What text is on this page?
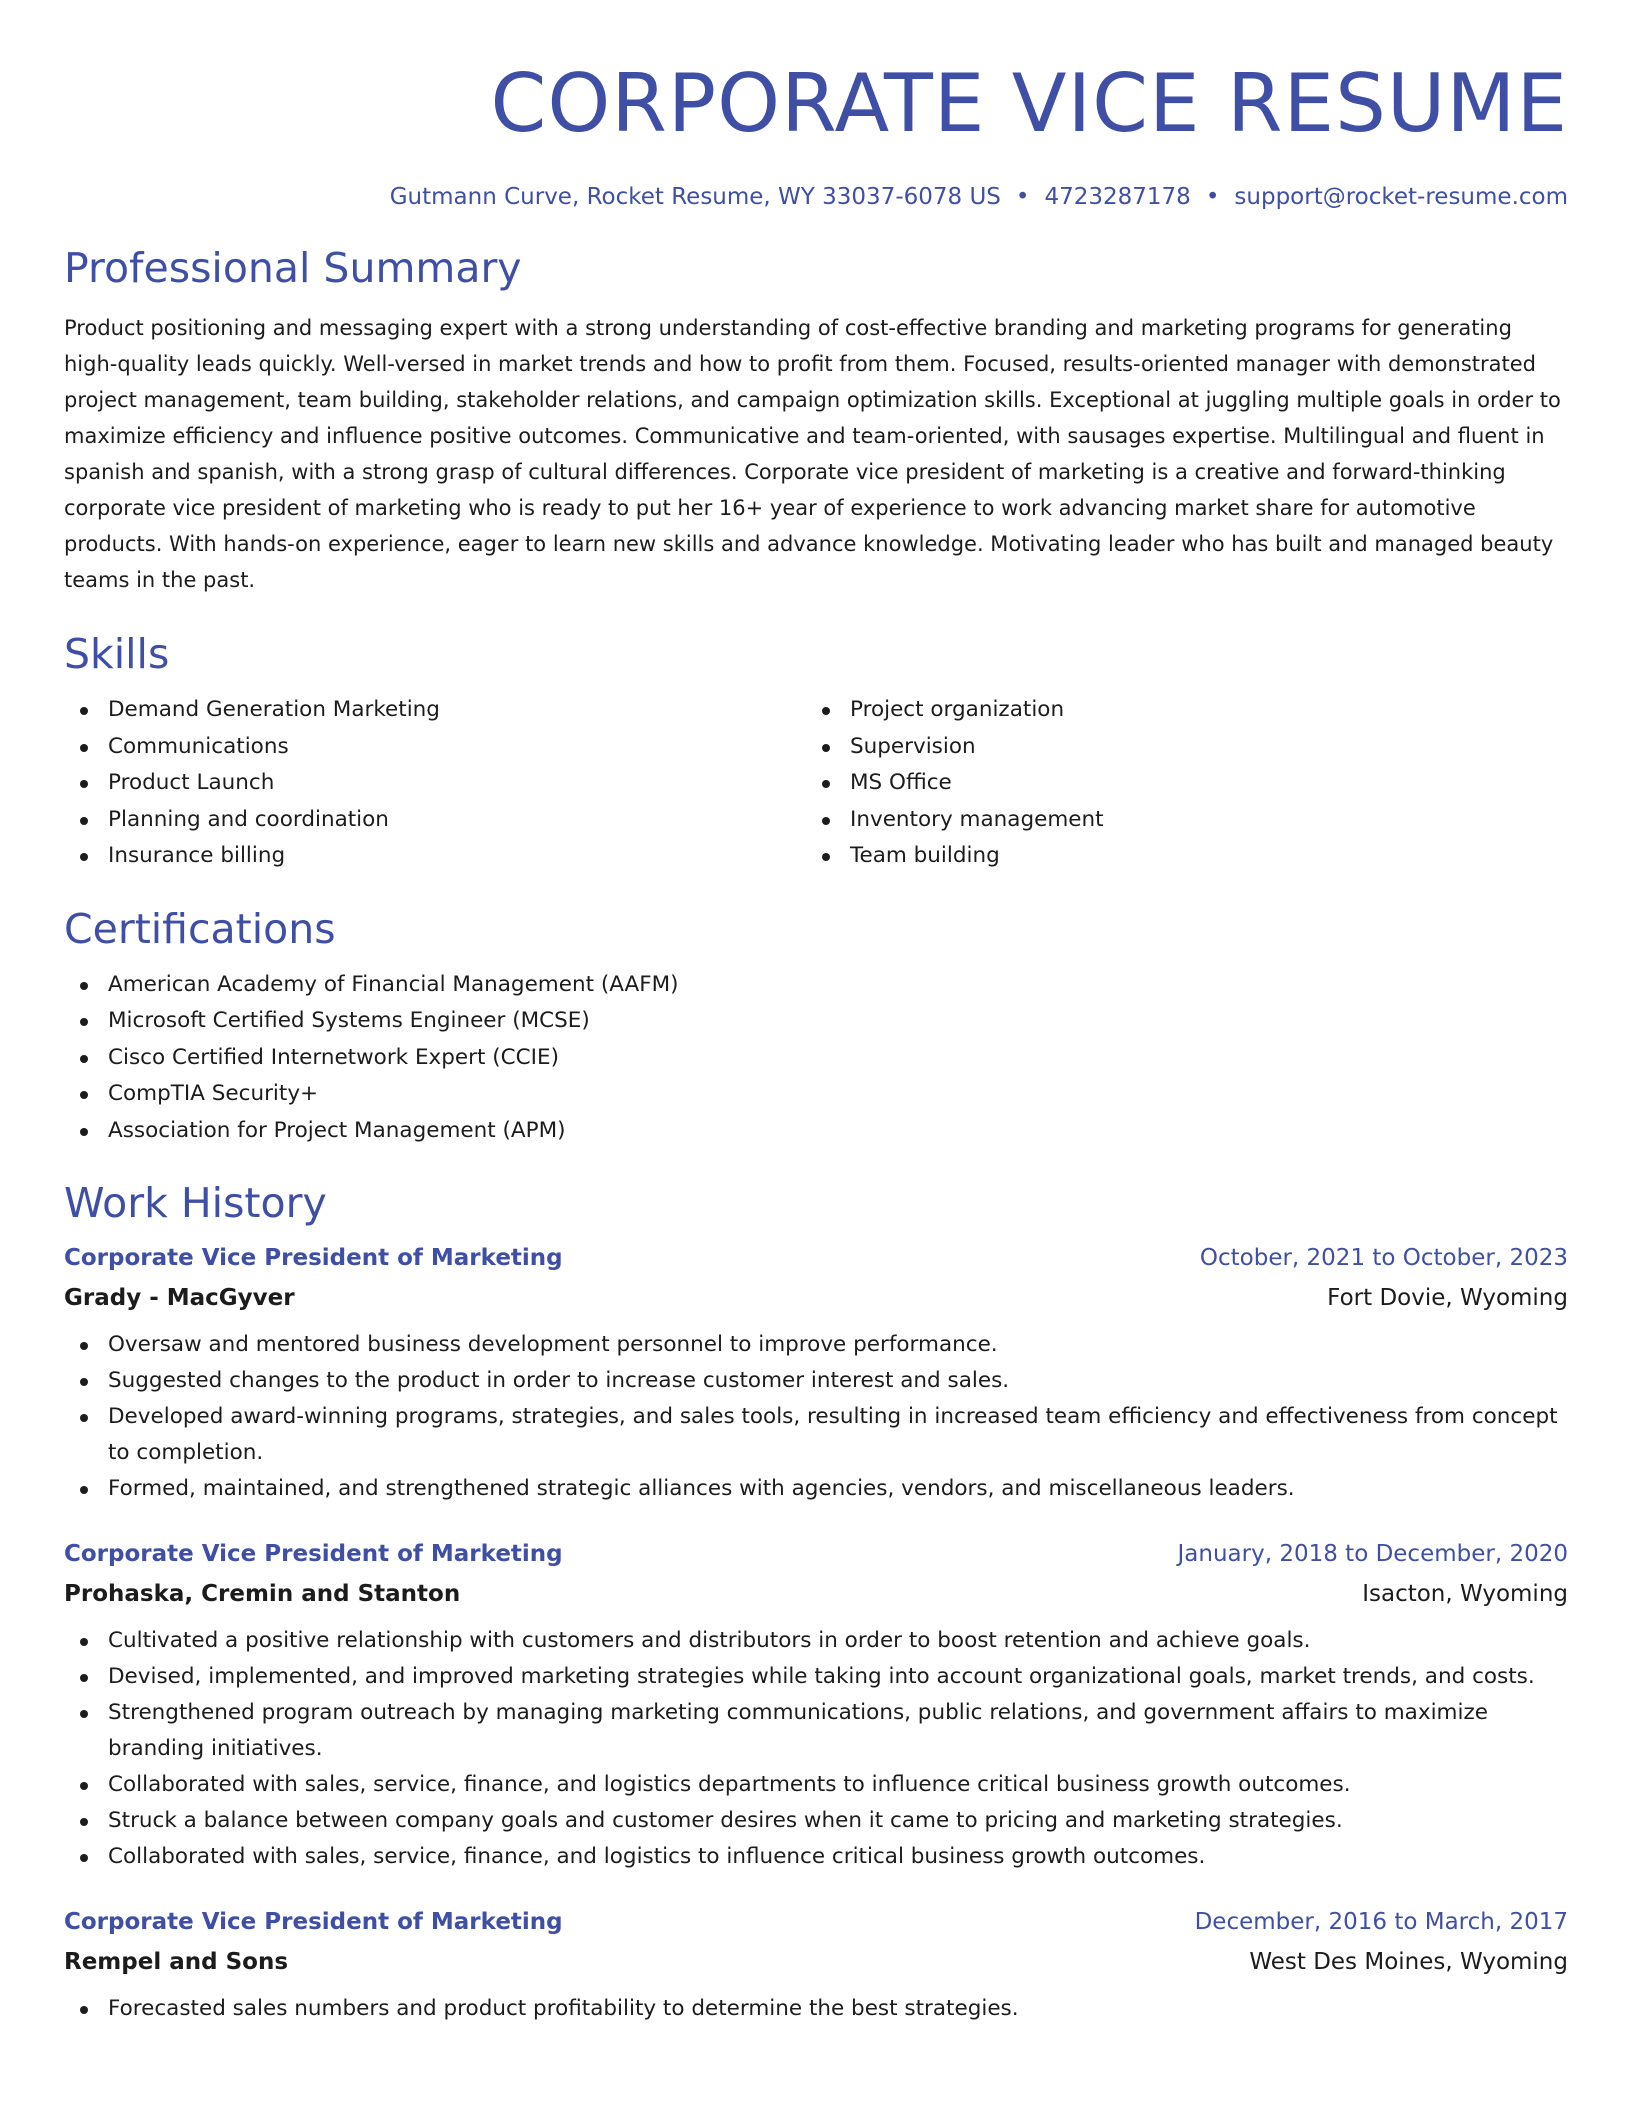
CORPORATE VICE RESUME
Gutmann Curve, Rocket Resume, WY 33037-6078 US • 4723287178 • support@rocket-resume.com
Professional Summary

Product positioning and messaging expert with a strong understanding of cost-effective branding and marketing programs for generating high-quality leads quickly. Well-versed in market trends and how to profit from them. Focused, results-oriented manager with demonstrated project management, team building, stakeholder relations, and campaign optimization skills. Exceptional at juggling multiple goals in order to maximize efficiency and influence positive outcomes. Communicative and team-oriented, with sausages expertise. Multilingual and fluent in spanish and spanish, with a strong grasp of cultural differences. Corporate vice president of marketing is a creative and forward-thinking corporate vice president of marketing who is ready to put her 16+ year of experience to work advancing market share for automotive products. With hands-on experience, eager to learn new skills and advance knowledge. Motivating leader who has built and managed beauty teams in the past.

Skills
Demand Generation Marketing
Communications
Product Launch
Planning and coordination
Insurance billing
Project organization
Supervision
MS Office
Inventory management
Team building
Certifications
American Academy of Financial Management (AAFM)
Microsoft Certified Systems Engineer (MCSE)
Cisco Certified Internetwork Expert (CCIE)
CompTIA Security+
Association for Project Management (APM)
Work History
Corporate Vice President of Marketing	October, 2021 to October, 2023
Grady - MacGyver	Fort Dovie, Wyoming
Oversaw and mentored business development personnel to improve performance.
Suggested changes to the product in order to increase customer interest and sales.
Developed award-winning programs, strategies, and sales tools, resulting in increased team efficiency and effectiveness from concept to completion.
Formed, maintained, and strengthened strategic alliances with agencies, vendors, and miscellaneous leaders.
Corporate Vice President of Marketing	January, 2018 to December, 2020
Prohaska, Cremin and Stanton	Isacton, Wyoming
Cultivated a positive relationship with customers and distributors in order to boost retention and achieve goals.
Devised, implemented, and improved marketing strategies while taking into account organizational goals, market trends, and costs.
Strengthened program outreach by managing marketing communications, public relations, and government affairs to maximize branding initiatives.
Collaborated with sales, service, finance, and logistics departments to influence critical business growth outcomes.
Struck a balance between company goals and customer desires when it came to pricing and marketing strategies.
Collaborated with sales, service, finance, and logistics to influence critical business growth outcomes.
Corporate Vice President of Marketing	December, 2016 to March, 2017
Rempel and Sons	West Des Moines, Wyoming
Forecasted sales numbers and product profitability to determine the best strategies.
